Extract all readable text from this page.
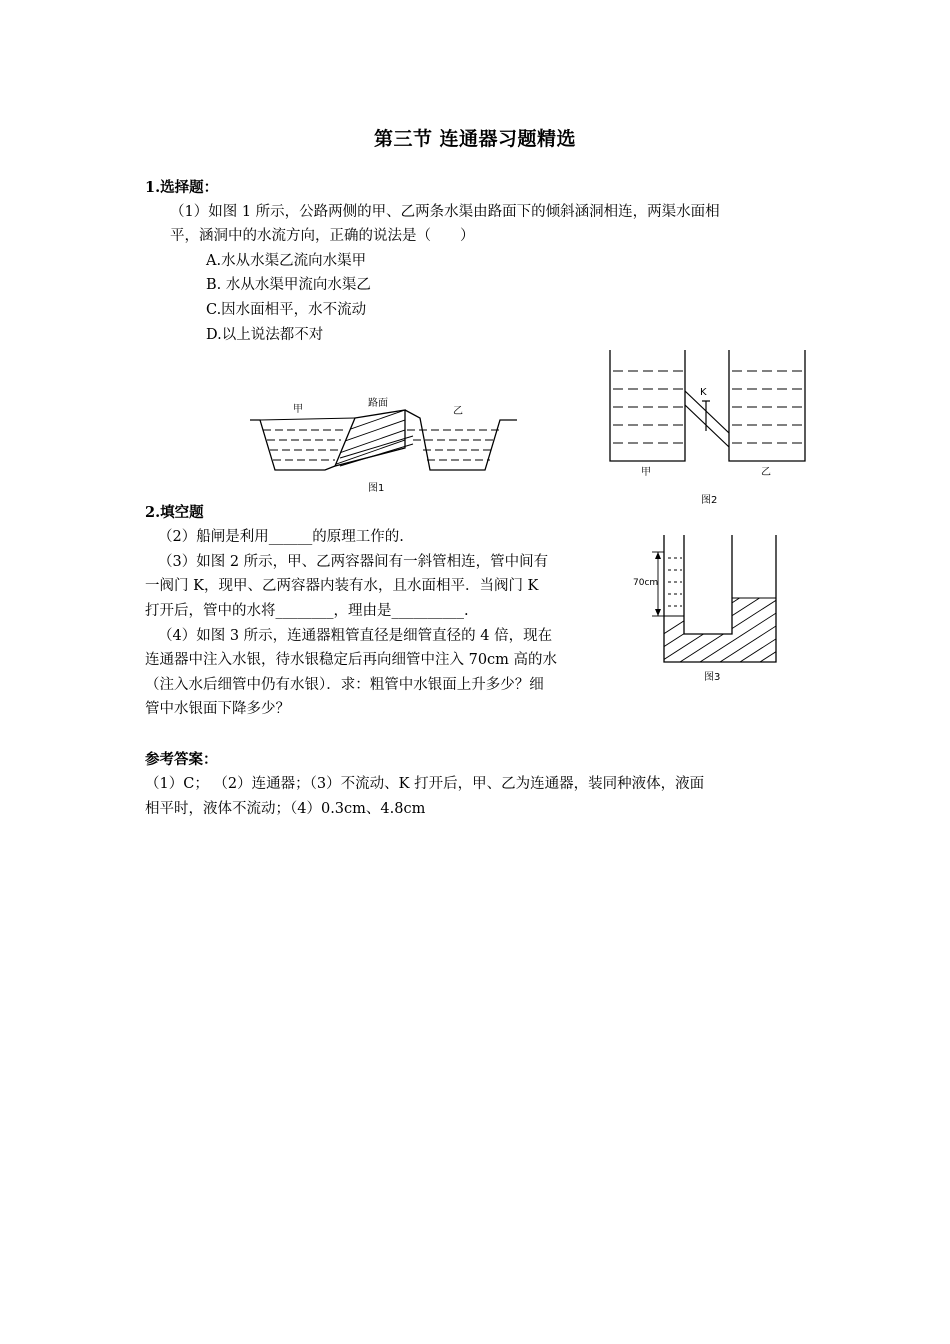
第三节 连通器习题精选
1.选择题：
（1）如图 1 所示，公路两侧的甲、乙两条水渠由路面下的倾斜涵洞相连，两渠水面相
平，涵洞中的水流方向，正确的说法是（　　）
A.水从水渠乙流向水渠甲
B. 水从水渠甲流向水渠乙
C.因水面相平，水不流动
D.以上说法都不对
甲
路面
乙
图1
K
甲	乙
图2
2.填空题
（2）船闸是利用______的原理工作的.
（3）如图 2 所示，甲、乙两容器间有一斜管相连，管中间有
一阀门 K，现甲、乙两容器内装有水，且水面相平．当阀门 K
打开后，管中的水将________，理由是__________.
（4）如图 3 所示，连通器粗管直径是细管直径的 4 倍，现在
连通器中注入水银，待水银稳定后再向细管中注入 70cm 高的水
（注入水后细管中仍有水银）．求：粗管中水银面上升多少？细
管中水银面下降多少？
70cm
图3
参考答案：
（1）C； （2）连通器；（3）不流动、K 打开后，甲、乙为连通器，装同种液体，液面
相平时，液体不流动；（4）0.3cm、4.8cm
